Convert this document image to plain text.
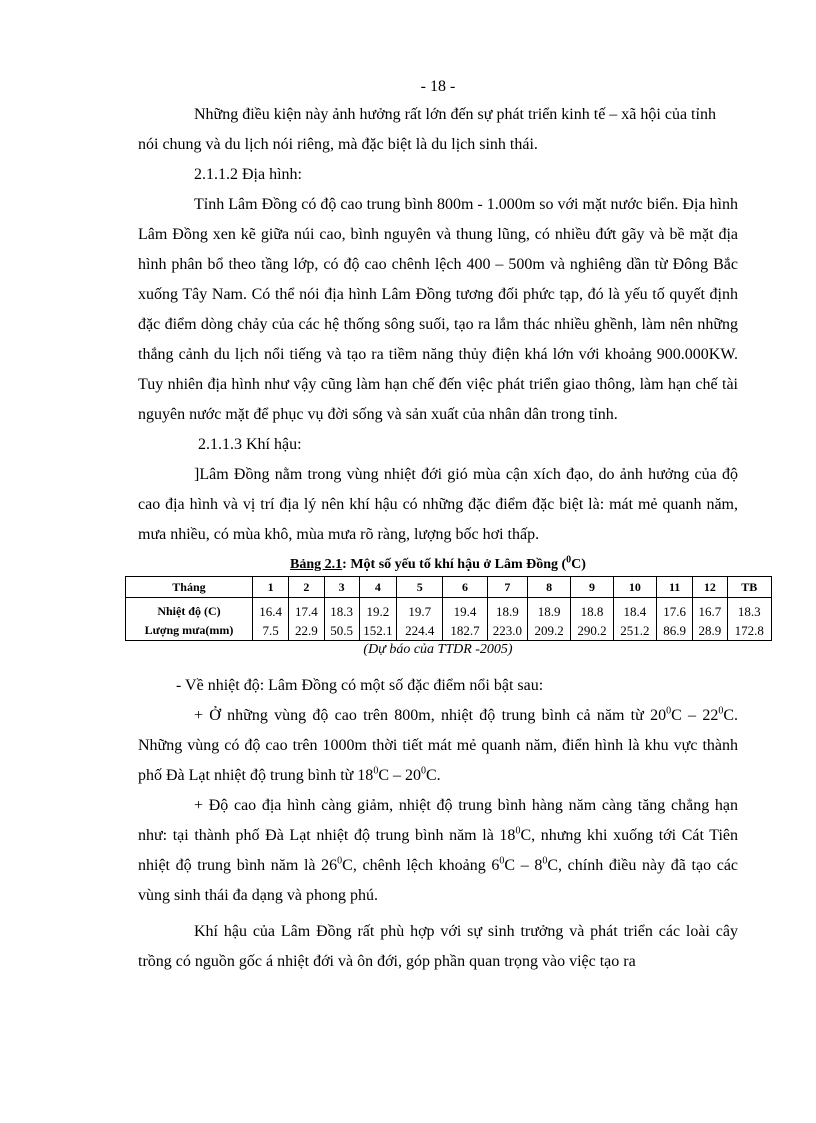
- 18 -

Những điều kiện này ảnh hưởng rất lớn đến sự phát triển kinh tế – xã hội của tỉnh nói chung và du lịch nói riêng, mà đặc biệt là du lịch sinh thái.

2.1.1.2 Địa hình:

Tỉnh Lâm Đồng có độ cao trung bình 800m - 1.000m so với mặt nước biển. Địa hình Lâm Đồng xen kẽ giữa núi cao, bình nguyên và thung lũng, có nhiều đứt gãy và bề mặt địa hình phân bổ theo tầng lớp, có độ cao chênh lệch 400 – 500m và nghiêng dần từ Đông Bắc xuống Tây Nam. Có thể nói địa hình Lâm Đồng tương đối phức tạp, đó là yếu tố quyết định đặc điểm dòng chảy của các hệ thống sông suối, tạo ra lắm thác nhiều ghềnh, làm nên những thắng cảnh du lịch nổi tiếng và tạo ra tiềm năng thủy điện khá lớn với khoảng 900.000KW. Tuy nhiên địa hình như vậy cũng làm hạn chế đến việc phát triển giao thông, làm hạn chế tài nguyên nước mặt để phục vụ đời sống và sản xuất của nhân dân trong tỉnh.

2.1.1.3 Khí hậu:

]Lâm Đồng nằm trong vùng nhiệt đới gió mùa cận xích đạo, do ảnh hưởng của độ cao địa hình và vị trí địa lý nên khí hậu có những đặc điểm đặc biệt là: mát mẻ quanh năm, mưa nhiều, có mùa khô, mùa mưa rõ ràng, lượng bốc hơi thấp.

Bảng 2.1: Một số yếu tố khí hậu ở Lâm Đồng ($^0$C)
Tháng	1	2	3	4	5	6	7	8	9	10	11	12	TB
Nhiệt độ (C)	16.4	17.4	18.3	19.2	19.7	19.4	18.9	18.9	18.8	18.4	17.6	16.7	18.3
Lượng mưa(mm)	7.5	22.9	50.5	152.1	224.4	182.7	223.0	209.2	290.2	251.2	86.9	28.9	172.8
(Dự báo của TTDR -2005)

- Về nhiệt độ: Lâm Đồng có một số đặc điểm nổi bật sau:

+ Ở những vùng độ cao trên 800m, nhiệt độ trung bình cả năm từ $20^0C - 22^0C$. Những vùng có độ cao trên 1000m thời tiết mát mẻ quanh năm, điển hình là khu vực thành phố Đà Lạt nhiệt độ trung bình từ $18^0C - 20^0C$.

+ Độ cao địa hình càng giảm, nhiệt độ trung bình hàng năm càng tăng chẳng hạn như: tại thành phố Đà Lạt nhiệt độ trung bình năm là $18^0C$, nhưng khi xuống tới Cát Tiên nhiệt độ trung bình năm là $26^0C$, chênh lệch khoảng $6^0C - 8^0C$, chính điều này đã tạo các vùng sinh thái đa dạng và phong phú.

Khí hậu của Lâm Đồng rất phù hợp với sự sinh trưởng và phát triển các loài cây trồng có nguồn gốc á nhiệt đới và ôn đới, góp phần quan trọng vào việc tạo ra
